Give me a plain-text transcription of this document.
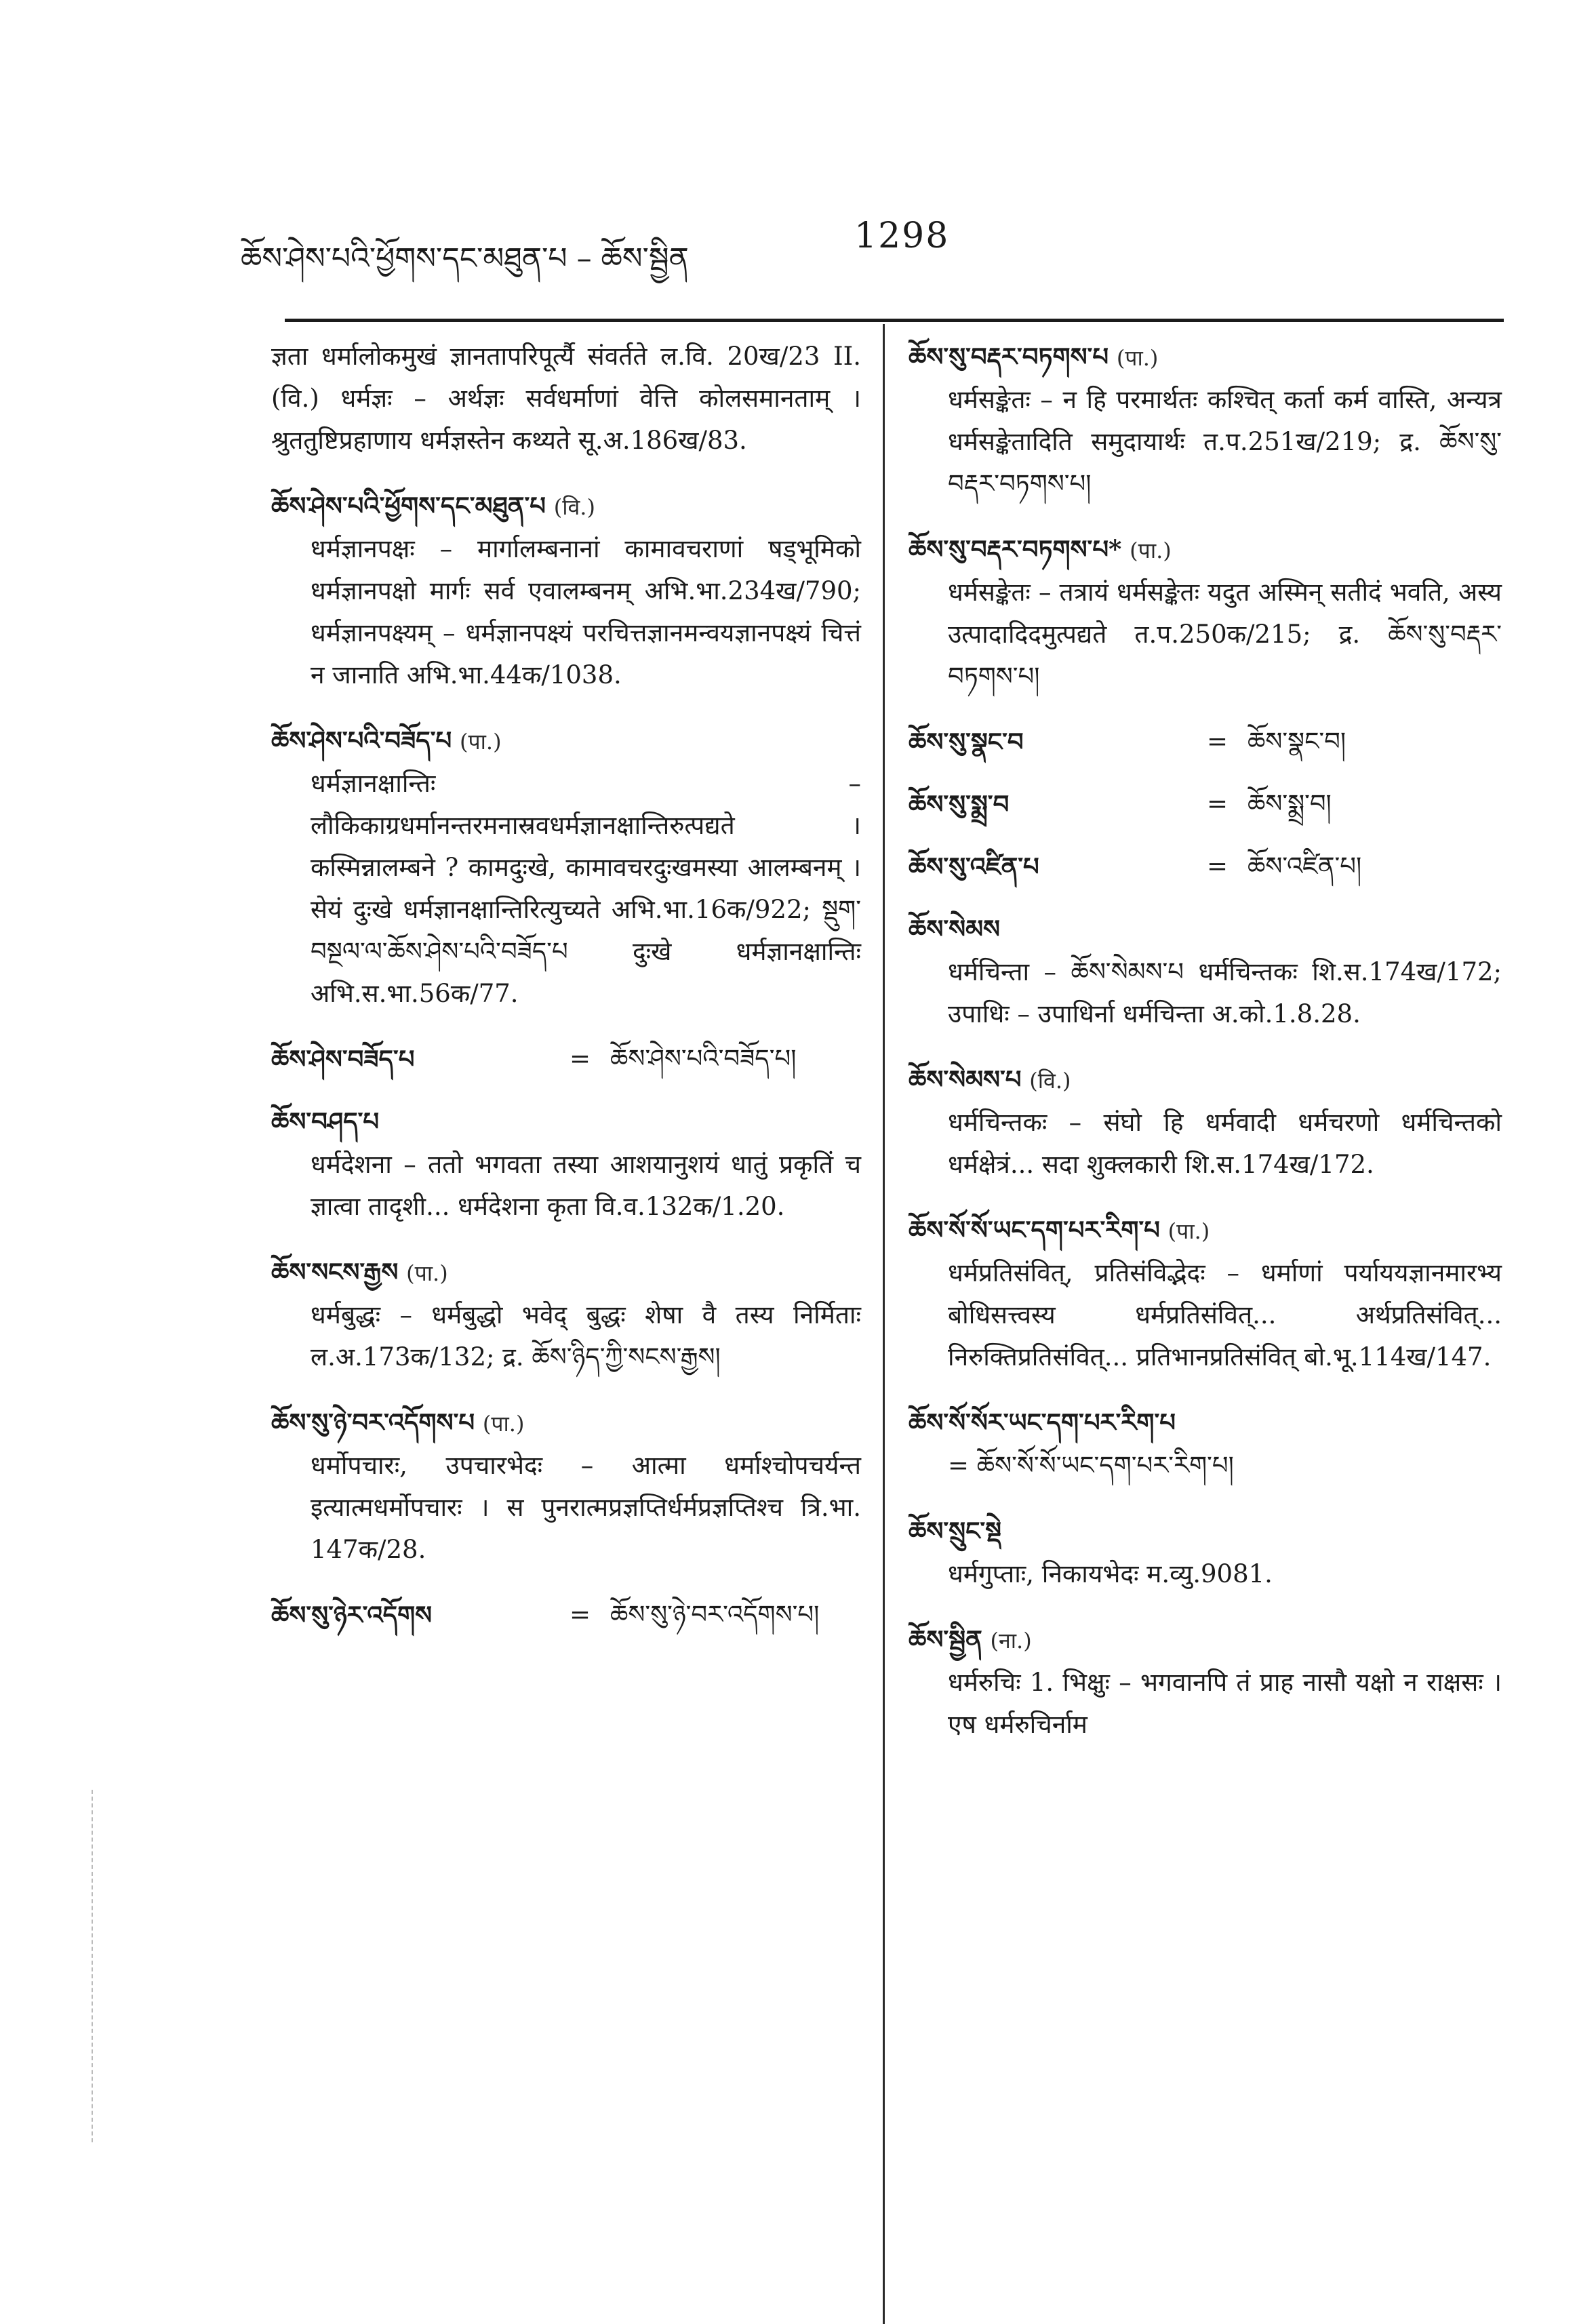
ཆོས་ཤེས་པའི་ཕྱོགས་དང་མཐུན་པ – ཆོས་སྦྱིན
1298
ज्ञता धर्मालोकमुखं ज्ञानतापरिपूर्त्यै संवर्तते ल.वि. 20ख/23 II. (वि.) धर्मज्ञः – अर्थज्ञः सर्वधर्माणां वेत्ति कोलसमानताम् । श्रुततुष्टिप्रहाणाय धर्मज्ञस्तेन कथ्यते सू.अ.186ख/83.
ཆོས་ཤེས་པའི་ཕྱོགས་དང་མཐུན་པ (वि.)
धर्मज्ञानपक्षः – मार्गालम्बनानां कामावचराणां षड्भूमिको धर्मज्ञानपक्षो मार्गः सर्व एवालम्बनम् अभि.भा.234ख/790; धर्मज्ञानपक्ष्यम् – धर्मज्ञानपक्ष्यं परचित्तज्ञानमन्वयज्ञानपक्ष्यं चित्तं न जानाति अभि.भा.44क/1038.
ཆོས་ཤེས་པའི་བཟོད་པ (पा.)
धर्मज्ञानक्षान्तिः – लौकिकाग्रधर्मानन्तरमनास्रवधर्मज्ञानक्षान्तिरुत्पद्यते । कस्मिन्नालम्बने ? कामदुःखे, कामावचरदुःखमस्या आलम्बनम् । सेयं दुःखे धर्मज्ञानक्षान्तिरित्युच्यते अभि.भा.16क/922; སྡུག་བསྔལ་ལ་ཆོས་ཤེས་པའི་བཟོད་པ दुःखे धर्मज्ञानक्षान्तिः अभि.स.भा.56क/77.
ཆོས་ཤེས་བཟོད་པ	= ཆོས་ཤེས་པའི་བཟོད་པ།
ཆོས་བཤད་པ
धर्मदेशना – ततो भगवता तस्या आशयानुशयं धातुं प्रकृतिं च ज्ञात्वा तादृशी... धर्मदेशना कृता वि.व.132क/1.20.
ཆོས་སངས་རྒྱས (पा.)
धर्मबुद्धः – धर्मबुद्धो भवेद् बुद्धः शेषा वै तस्य निर्मिताः ल.अ.173क/132; द्र. ཆོས་ཉིད་ཀྱི་སངས་རྒྱས།
ཆོས་སུ་ཉེ་བར་འདོགས་པ (पा.)
धर्मोपचारः, उपचारभेदः – आत्मा धर्माश्चोपचर्यन्त इत्यात्मधर्मोपचारः । स पुनरात्मप्रज्ञप्तिर्धर्मप्रज्ञप्तिश्च त्रि.भा. 147क/28.
ཆོས་སུ་ཉེར་འདོགས	= ཆོས་སུ་ཉེ་བར་འདོགས་པ།
ཆོས་སུ་བརྡར་བཏགས་པ (पा.)
धर्मसङ्केतः – न हि परमार्थतः कश्चित् कर्ता कर्म वास्ति, अन्यत्र धर्मसङ्केतादिति समुदायार्थः त.प.251ख/219; द्र. ཆོས་སུ་བརྡར་བཏགས་པ།
ཆོས་སུ་བརྡར་བཏགས་པ* (पा.)
धर्मसङ्केतः – तत्रायं धर्मसङ्केतः यदुत अस्मिन् सतीदं भवति, अस्य उत्पादादिदमुत्पद्यते त.प.250क/215; द्र. ཆོས་སུ་བརྡར་བཏགས་པ།
ཆོས་སུ་སྣང་བ	= ཆོས་སྣང་བ།
ཆོས་སུ་སྨྲ་བ	= ཆོས་སྨྲ་བ།
ཆོས་སུ་འཛིན་པ	= ཆོས་འཛིན་པ།
ཆོས་སེམས
धर्मचिन्ता – ཆོས་སེམས་པ धर्मचिन्तकः शि.स.174ख/172; उपाधिः – उपाधिर्ना धर्मचिन्ता अ.को.1.8.28.
ཆོས་སེམས་པ (वि.)
धर्मचिन्तकः – संघो हि धर्मवादी धर्मचरणो धर्मचिन्तको धर्मक्षेत्रं... सदा शुक्लकारी शि.स.174ख/172.
ཆོས་སོ་སོ་ཡང་དག་པར་རིག་པ (पा.)
धर्मप्रतिसंवित्, प्रतिसंविद्भेदः – धर्माणां पर्याययज्ञानमारभ्य बोधिसत्त्वस्य धर्मप्रतिसंवित्... अर्थप्रतिसंवित्... निरुक्तिप्रतिसंवित्... प्रतिभानप्रतिसंवित् बो.भू.114ख/147.
ཆོས་སོ་སོར་ཡང་དག་པར་རིག་པ
= ཆོས་སོ་སོ་ཡང་དག་པར་རིག་པ།
ཆོས་སྲུང་སྡེ
धर्मगुप्ताः, निकायभेदः म.व्यु.9081.
ཆོས་སྦྱིན (ना.)
धर्मरुचिः 1. भिक्षुः – भगवानपि तं प्राह नासौ यक्षो न राक्षसः । एष धर्मरुचिर्नाम
